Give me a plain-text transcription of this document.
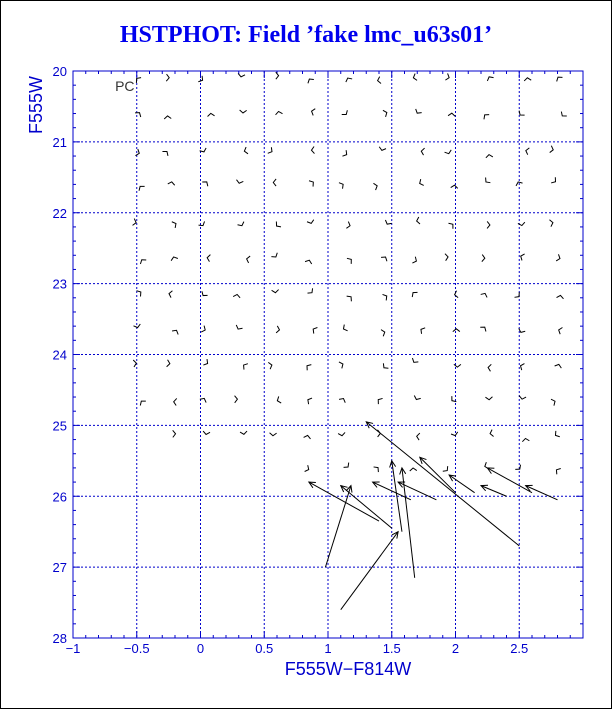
HSTPHOT: Field ’fake lmc_u63s01’
−1	−0.5	0	0.5	1	1.5	2	2.5
20
21
22
23
24
25
26
27
28
F555W−F814W
F555W	PC
